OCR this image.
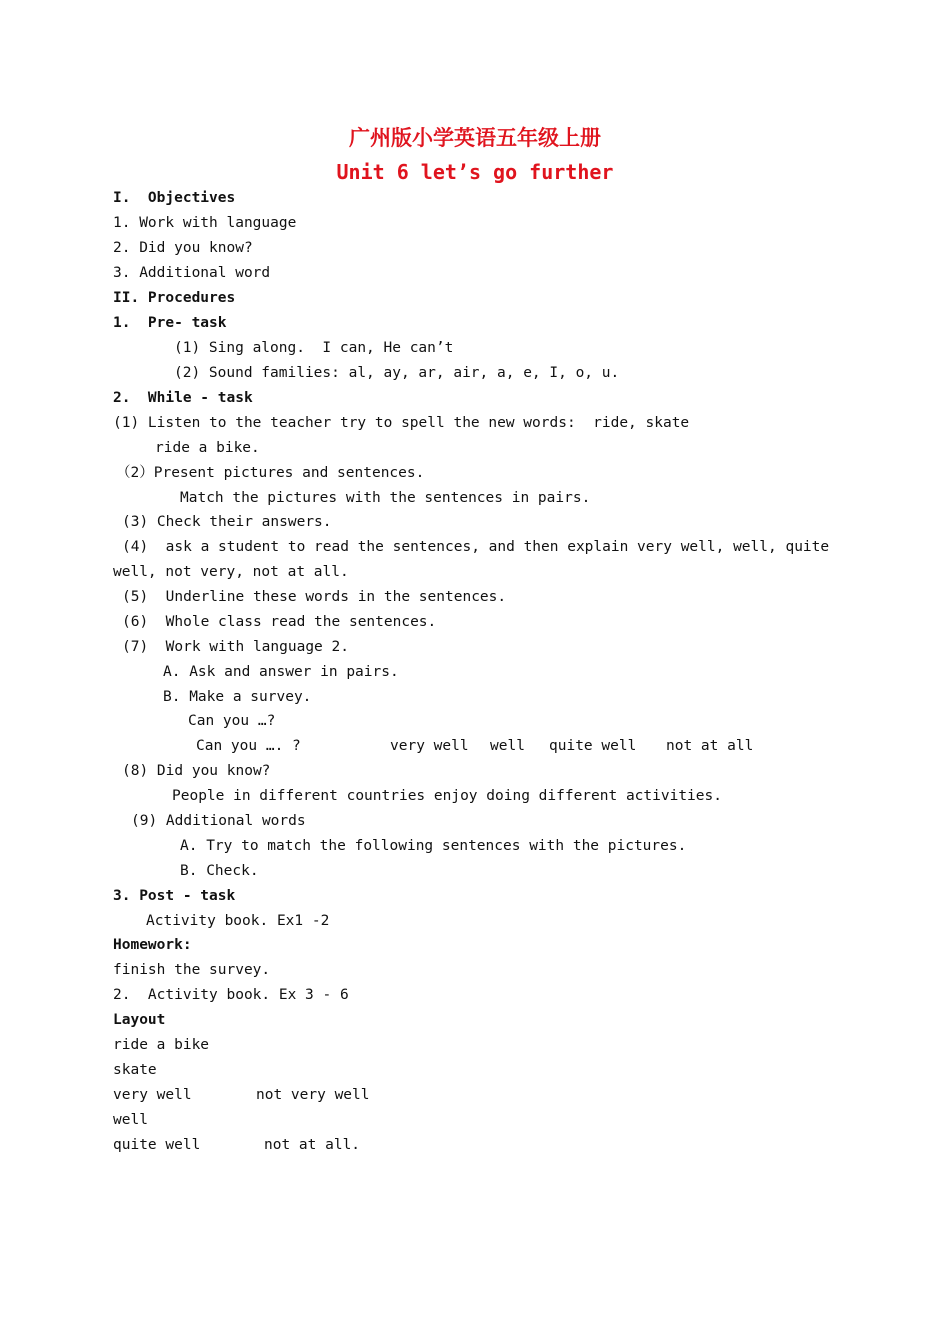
广州版小学英语五年级上册
Unit 6 let’s go further
I.  Objectives
1. Work with language
2. Did you know?
3. Additional word
II. Procedures
1.  Pre- task
(1) Sing along.  I can, He can’t
(2) Sound families: al, ay, ar, air, a, e, I, o, u.
2.  While - task
(1) Listen to the teacher try to spell the new words:  ride, skate
ride a bike.
（2）Present pictures and sentences.
Match the pictures with the sentences in pairs.
(3) Check their answers.
(4)  ask a student to read the sentences, and then explain very well, well, quite
well, not very, not at all.
(5)  Underline these words in the sentences.
(6)  Whole class read the sentences.
(7)  Work with language 2.
A. Ask and answer in pairs.
B. Make a survey.
Can you …?
Can you …. ?	very well well quite well not at all
(8) Did you know?
People in different countries enjoy doing different activities.
(9) Additional words
A. Try to match the following sentences with the pictures.
B. Check.
3. Post - task
Activity book. Ex1 -2
Homework:
finish the survey.
2.  Activity book. Ex 3 - 6
Layout
ride a bike
skate
very well	not very well
well
quite well	not at all.
